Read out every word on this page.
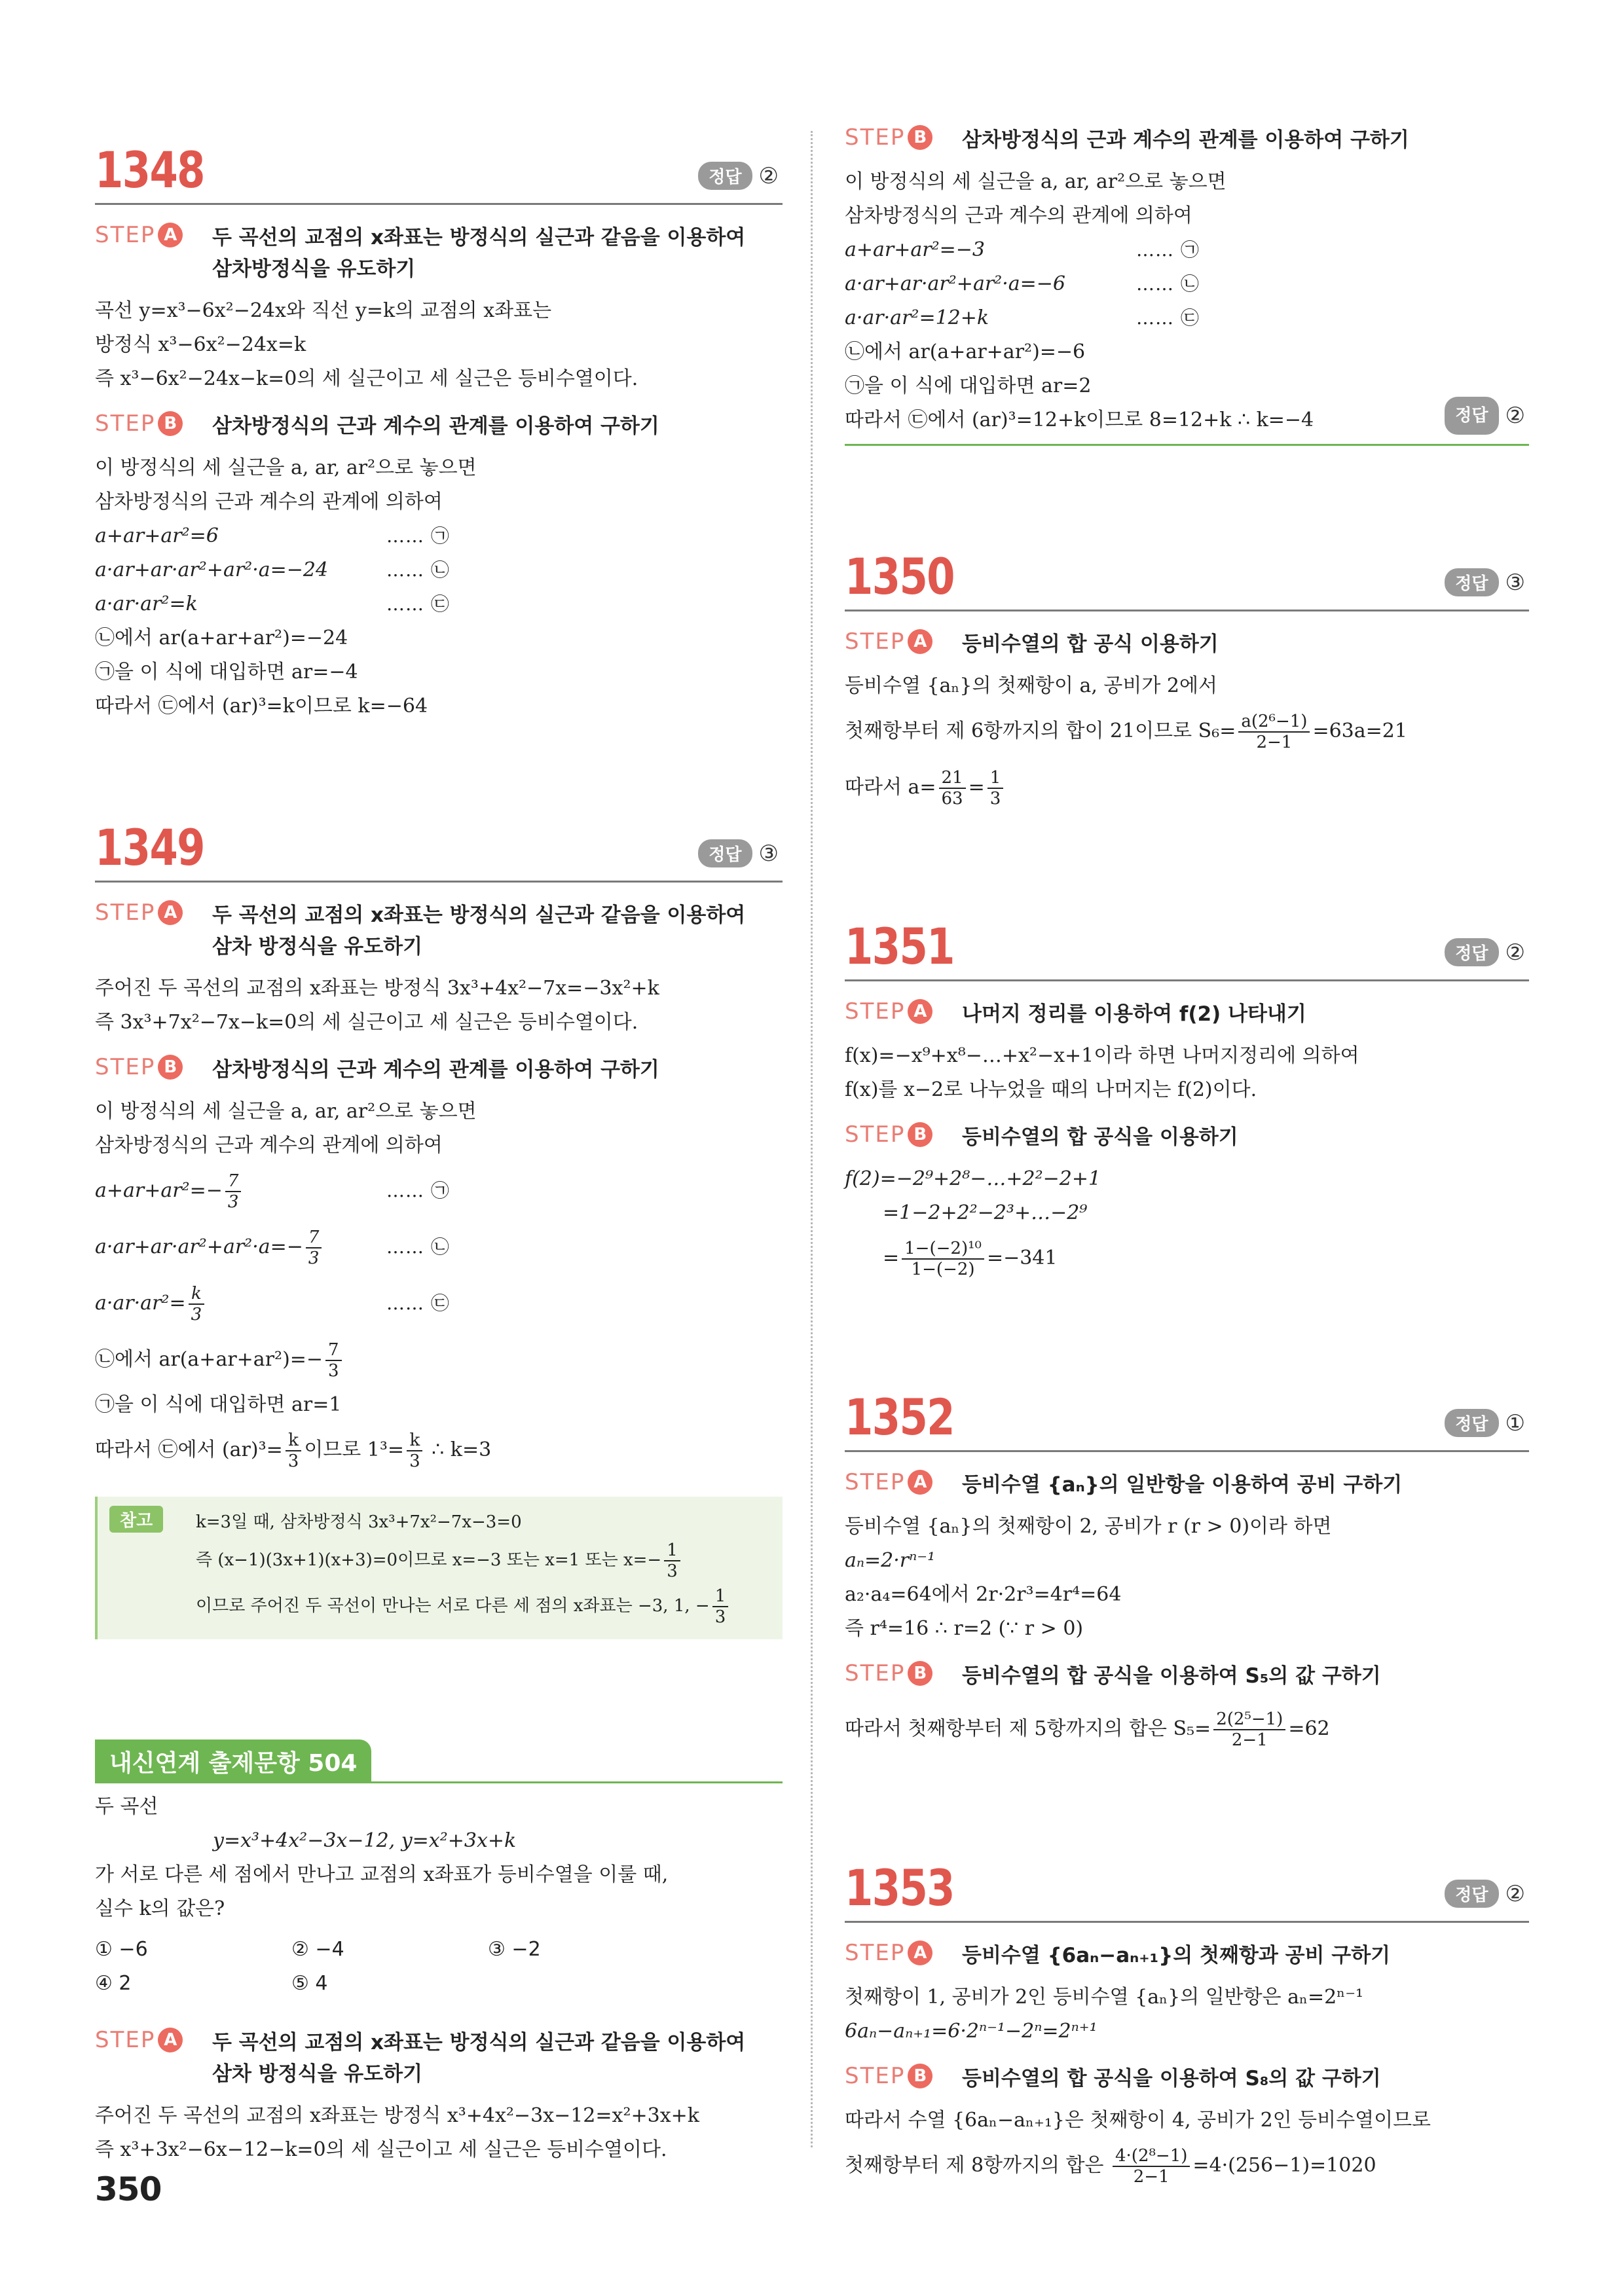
1348	정답 ②
STEP A 두 곡선의 교점의 x좌표는 방정식의 실근과 같음을 이용하여
삼차방정식을 유도하기
곡선 y=x³−6x²−24x와 직선 y=k의 교점의 x좌표는
방정식 x³−6x²−24x=k
즉 x³−6x²−24x−k=0의 세 실근이고 세 실근은 등비수열이다.
STEP B 삼차방정식의 근과 계수의 관계를 이용하여 구하기
이 방정식의 세 실근을 a, ar, ar²으로 놓으면
삼차방정식의 근과 계수의 관계에 의하여
a+ar+ar²=6	…… ㉠
a·ar+ar·ar²+ar²·a=−24	…… ㉡
a·ar·ar²=k	…… ㉢
㉡에서 ar(a+ar+ar²)=−24
㉠을 이 식에 대입하면 ar=−4
따라서 ㉢에서 (ar)³=k이므로 k=−64
1349	정답 ③
STEP A 두 곡선의 교점의 x좌표는 방정식의 실근과 같음을 이용하여
삼차 방정식을 유도하기
주어진 두 곡선의 교점의 x좌표는 방정식 3x³+4x²−7x=−3x²+k
즉 3x³+7x²−7x−k=0의 세 실근이고 세 실근은 등비수열이다.
STEP B 삼차방정식의 근과 계수의 관계를 이용하여 구하기
이 방정식의 세 실근을 a, ar, ar²으로 놓으면
삼차방정식의 근과 계수의 관계에 의하여
$a+ar+ar^2=- \frac{7}{3}$	…… ㉠
$a\cdot ar+ar\cdot ar^2+ar^2\cdot a=- \frac{7}{3}$	…… ㉡
$a\cdot ar\cdot ar^2= \frac{k}{3}$	…… ㉢
㉡에서 $ar(a+ar+ar^2)=- \frac{7}{3}$
㉠을 이 식에 대입하면 ar=1
따라서 ㉢에서 $(ar)^3= \frac{k}{3}$ 이므로 $1^3= \frac{k}{3}$ ∴ k=3
참고	k=3일 때, 삼차방정식 3x³+7x²−7x−3=0
즉 (x−1)(3x+1)(x+3)=0이므로 x=−3 또는 x=1 또는 $x=- \frac{1}{3}$
이므로 주어진 두 곡선이 만나는 서로 다른 세 점의 x좌표는 −3, 1, − $\frac{1}{3}$
내신연계 출제문항 504
두 곡선
y=x³+4x²−3x−12, y=x²+3x+k
가 서로 다른 세 점에서 만나고 교점의 x좌표가 등비수열을 이룰 때,
실수 k의 값은?
① −6	② −4	③ −2
④ 2	⑤ 4
STEP A 두 곡선의 교점의 x좌표는 방정식의 실근과 같음을 이용하여
삼차 방정식을 유도하기
주어진 두 곡선의 교점의 x좌표는 방정식 x³+4x²−3x−12=x²+3x+k
즉 x³+3x²−6x−12−k=0의 세 실근이고 세 실근은 등비수열이다.
STEP B 삼차방정식의 근과 계수의 관계를 이용하여 구하기
이 방정식의 세 실근을 a, ar, ar²으로 놓으면
삼차방정식의 근과 계수의 관계에 의하여
a+ar+ar²=−3	…… ㉠
a·ar+ar·ar²+ar²·a=−6	…… ㉡
a·ar·ar²=12+k	…… ㉢
㉡에서 ar(a+ar+ar²)=−6
㉠을 이 식에 대입하면 ar=2
따라서 ㉢에서 (ar)³=12+k이므로 8=12+k ∴ k=−4	정답 ②
1350	정답 ③
STEP A 등비수열의 합 공식 이용하기
등비수열 {aₙ}의 첫째항이 a, 공비가 2에서
첫째항부터 제 6항까지의 합이 21이므로 $S_6= \frac{\text{a(2⁶−1)}}{2-1} =63a=21$
따라서 $a= \frac{21}{63} = \frac{1}{3}$
1351	정답 ②
STEP A 나머지 정리를 이용하여 f(2) 나타내기
f(x)=−x⁹+x⁸−…+x²−x+1이라 하면 나머지정리에 의하여
f(x)를 x−2로 나누었을 때의 나머지는 f(2)이다.
STEP B 등비수열의 합 공식을 이용하기
f(2)=−2⁹+2⁸−…+2²−2+1
=1−2+2²−2³+…−2⁹
= $\frac{\text{1−(−2)¹⁰}}{1-(-2)} =-341$
1352	정답 ①
STEP A 등비수열 {aₙ}의 일반항을 이용하여 공비 구하기
등비수열 {aₙ}의 첫째항이 2, 공비가 r (r > 0)이라 하면
aₙ=2·rⁿ⁻¹
a₂·a₄=64에서 2r·2r³=4r⁴=64
즉 r⁴=16 ∴ r=2 (∵ r > 0)
STEP B 등비수열의 합 공식을 이용하여 S₅의 값 구하기
따라서 첫째항부터 제 5항까지의 합은 $S_5= \frac{\text{2(2⁵−1)}}{2-1} =62$
1353	정답 ②
STEP A 등비수열 {6aₙ−aₙ₊₁}의 첫째항과 공비 구하기
첫째항이 1, 공비가 2인 등비수열 {aₙ}의 일반항은 aₙ=2ⁿ⁻¹
6aₙ−aₙ₊₁=6·2ⁿ⁻¹−2ⁿ=2ⁿ⁺¹
STEP B 등비수열의 합 공식을 이용하여 S₈의 값 구하기
따라서 수열 {6aₙ−aₙ₊₁}은 첫째항이 4, 공비가 2인 등비수열이므로
첫째항부터 제 8항까지의 합은 $\frac{\text{4·(2⁸−1)}}{2-1} =4\cdot(256-1)=1020$
350
